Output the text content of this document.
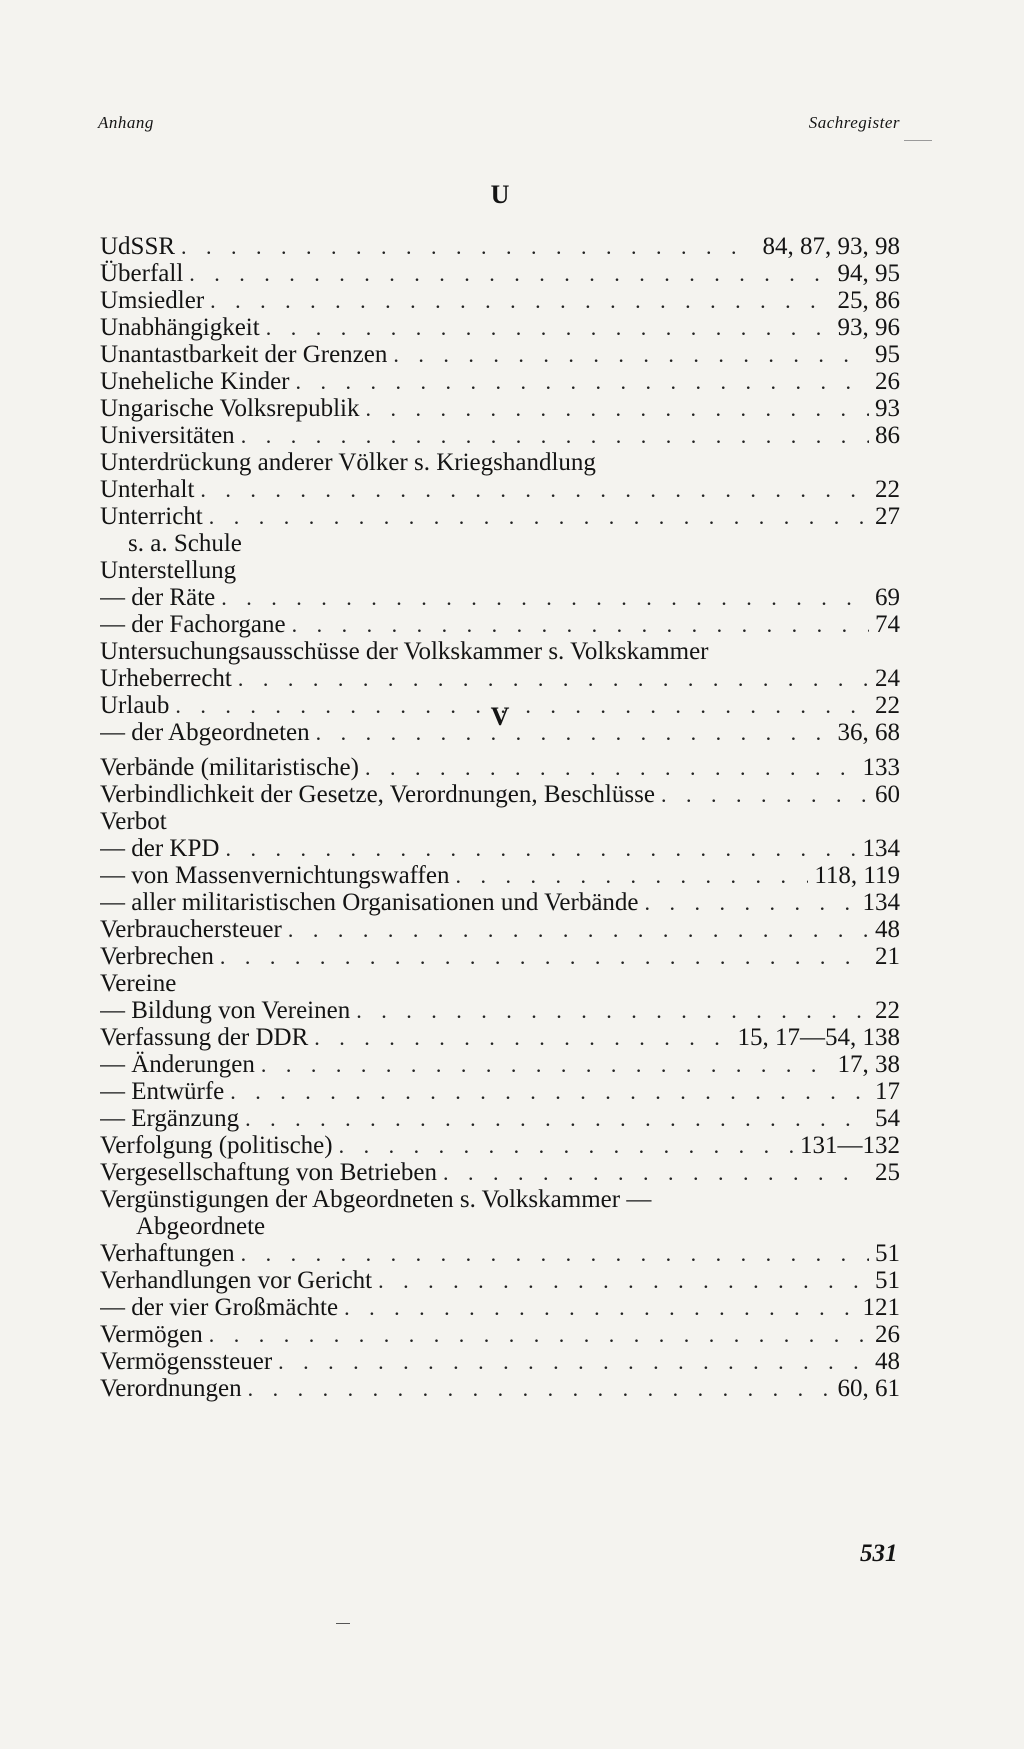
Anhang	Sachregister
U
UdSSR . . .	84, 87, 93, 98
Überfall . . .	94, 95
Umsiedler . . .	25, 86
Unabhängigkeit . . .	93, 96
Unantastbarkeit der Grenzen . . .	95
Uneheliche Kinder . . .	26
Ungarische Volksrepublik . . .	93
Universitäten . . .	86
Unterdrückung anderer Völker s. Kriegshandlung
Unterhalt . . .	22
Unterricht . . .	27
s. a. Schule
Unterstellung
— der Räte . . .	69
— der Fachorgane . . .	74
Untersuchungsausschüsse der Volkskammer s. Volkskammer
Urheberrecht . . .	24
Urlaub . . .	22
— der Abgeordneten . . .	36, 68
V
Verbände (militaristische) . . .	133
Verbindlichkeit der Gesetze, Verordnungen, Beschlüsse . . .	60
Verbot
— der KPD . . .	134
— von Massenvernichtungswaffen . . .	118, 119
— aller militaristischen Organisationen und Verbände . . .	134
Verbrauchersteuer . . .	48
Verbrechen . . .	21
Vereine
— Bildung von Vereinen . . .	22
Verfassung der DDR . . .	15, 17—54, 138
— Änderungen . . .	17, 38
— Entwürfe . . .	17
— Ergänzung . . .	54
Verfolgung (politische) . . .	131—132
Vergesellschaftung von Betrieben . . .	25
Vergünstigungen der Abgeordneten s. Volkskammer —
Abgeordnete
Verhaftungen . . .	51
Verhandlungen vor Gericht . . .	51
— der vier Großmächte . . .	121
Vermögen . . .	26
Vermögenssteuer . . .	48
Verordnungen . . .	60, 61
531
